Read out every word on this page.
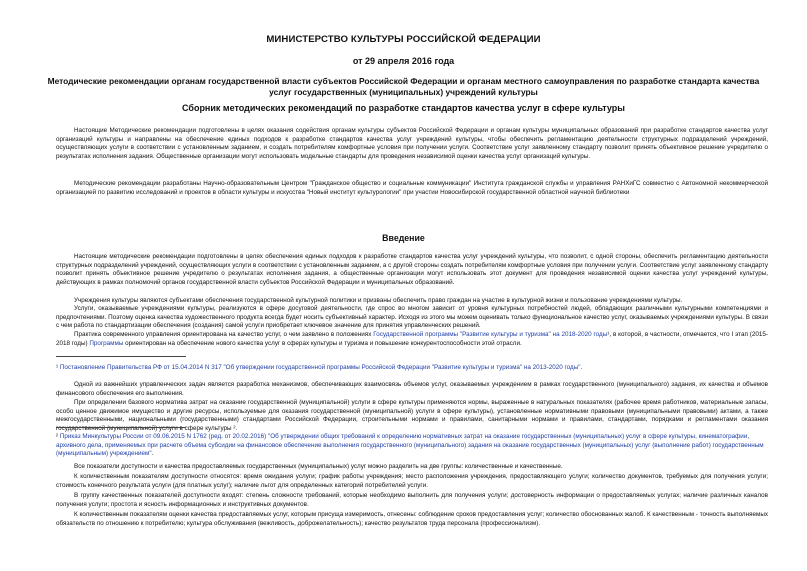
МИНИСТЕРСТВО КУЛЬТУРЫ РОССИЙСКОЙ ФЕДЕРАЦИИ
от 29 апреля 2016 года
Методические рекомендации органам государственной власти субъектов Российской Федерации и органам местного самоуправления по разработке стандарта качества услуг государственных (муниципальных) учреждений культуры
Сборник методических рекомендаций по разработке стандартов качества услуг в сфере культуры

Настоящие Методические рекомендации подготовлены в целях оказания содействия органам культуры субъектов Российской Федерации и органам культуры муниципальных образований при разработке стандартов качества услуг организаций культуры и направлены на обеспечение единых подходов к разработке стандартов качества услуг учреждений культуры, чтобы обеспечить регламентацию деятельности структурных подразделений учреждений, осуществляющих услуги в соответствии с установленным заданием, и создать потребителям комфортные условия при получении услуги. Соответствие услуг заявленному стандарту позволит принять объективное решение учредителю о результатах исполнения задания. Общественные организации могут использовать модельные стандарты для проведения независимой оценки качества услуг организаций культуры.

Методические рекомендации разработаны Научно-образовательным Центром "Гражданское общество и социальные коммуникации" Института гражданской службы и управления РАНХиГС совместно с Автономной некоммерческой организацией по развитию исследований и проектов в области культуры и искусства "Новый институт культурологии" при участии Новосибирской государственной областной научной библиотеки

Введение

Настоящие методические рекомендации подготовлены в целях обеспечения единых подходов к разработке стандартов качества услуг учреждений культуры, что позволит, с одной стороны, обеспечить регламентацию деятельности структурных подразделений учреждений, осуществляющих услуги в соответствии с установленным заданием, а с другой стороны создать потребителям комфортные условия при получении услуги. Соответствие услуг заявленному стандарту позволит принять объективное решение учредителю о результатах исполнения задания, а общественные организации могут использовать этот документ для проведения независимой оценки качества услуг учреждений культуры, действующих в рамках полномочий органов государственной власти субъектов Российской Федерации и муниципальных образований.

Учреждения культуры являются субъектами обеспечения государственной культурной политики и призваны обеспечить право граждан на участие в культурной жизни и пользование учреждениями культуры.

Услуги, оказываемые учреждениями культуры, реализуются в сфере досуговой деятельности, где спрос во многом зависит от уровня культурных потребностей людей, обладающих различными культурными компетенциями и предпочтениями. Поэтому оценка качества художественного продукта всегда будет носить субъективный характер. Исходя из этого мы можем оценивать только функциональное качество услуг, оказываемых учреждениями культуры. В связи с чем работа по стандартизации обеспечения (создания) самой услуги приобретает ключевое значение для принятия управленческих решений.

Практика современного управления ориентирована на качество услуг, о чем заявлено в положениях Государственной программы "Развитие культуры и туризма" на 2018-2020 годы¹, в которой, в частности, отмечается, что I этап (2015-2018 годы) Программы ориентирован на обеспечение нового качества услуг в сферах культуры и туризма и повышение конкурентоспособности этой отрасли.

¹ Постановление Правительства РФ от 15.04.2014 N 317 "Об утверждении государственной программы Российской Федерации "Развитие культуры и туризма" на 2013-2020 годы".

Одной из важнейших управленческих задач является разработка механизмов, обеспечивающих взаимосвязь объемов услуг, оказываемых учреждением в рамках государственного (муниципального) задания, их качества и объемов финансового обеспечения его выполнения.

При определении базового норматива затрат на оказание государственной (муниципальной) услуги в сфере культуры применяются нормы, выраженные в натуральных показателях (рабочее время работников, материальные запасы, особо ценное движимое имущество и другие ресурсы, используемые для оказания государственной (муниципальной) услуги в сфере культуры), установленные нормативными правовыми (муниципальными правовыми) актами, а также межгосударственными, национальными (государственными) стандартами Российской Федерации, строительными нормами и правилами, санитарными нормами и правилами, стандартами, порядками и регламентами оказания государственной (муниципальной) услуги в сфере культуры ².

² Приказ Минкультуры России от 09.06.2015 N 1762 (ред. от 20.02.2016) "Об утверждении общих требований к определению нормативных затрат на оказание государственных (муниципальных) услуг в сфере культуры, кинематографии, архивного дела, применяемых при расчете объема субсидии на финансовое обеспечение выполнения государственного (муниципального) задания на оказание государственных (муниципальных) услуг (выполнение работ) государственным (муниципальным) учреждением".

Все показатели доступности и качества предоставляемых государственных (муниципальных) услуг можно разделить на две группы: количественные и качественные.

К количественным показателям доступности относятся: время ожидания услуги; график работы учреждения; место расположения учреждения, предоставляющего услуги; количество документов, требуемых для получения услуги; стоимость конечного результата услуги (для платных услуг); наличие льгот для определенных категорий потребителей услуги.

В группу качественных показателей доступности входят: степень сложности требований, которые необходимо выполнить для получения услуги; достоверность информации о предоставляемых услугах; наличие различных каналов получения услуги; простота и ясность информационных и инструктивных документов.

К количественным показателям оценки качества предоставляемых услуг, которым присуща измеримость, отнесены: соблюдение сроков предоставления услуг; количество обоснованных жалоб. К качественным - точность выполняемых обязательств по отношению к потребителю; культура обслуживания (вежливость, доброжелательность); качество результатов труда персонала (профессионализм).
